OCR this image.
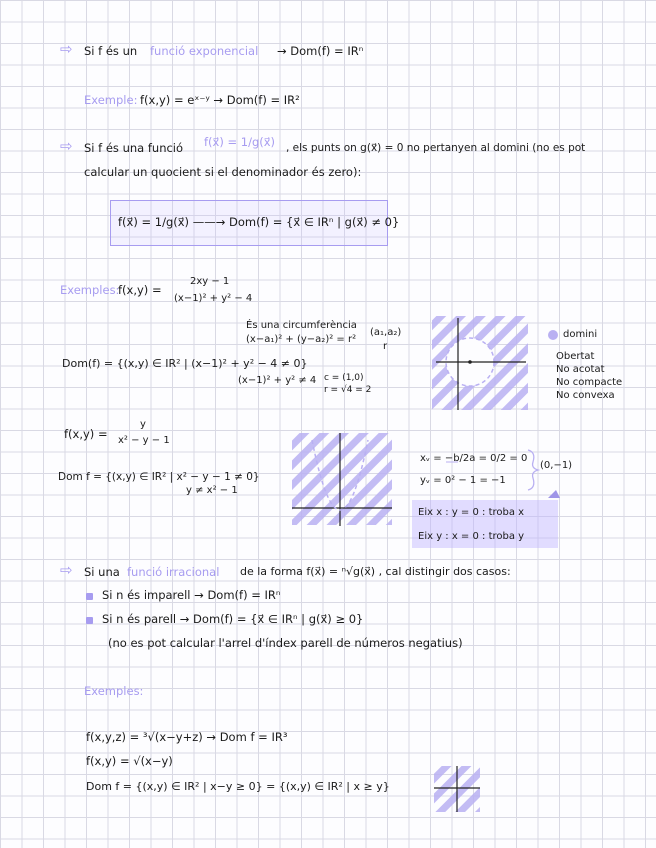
⇨ Si f és un funció exponencial → Dom(f) = IRⁿ
Exemple: f(x,y) = eˣ⁻ʸ → Dom(f) = IR²
⇨ Si f és una funció f(x⃗) = 1/g(x⃗) , els punts on g(x⃗) = 0 no pertanyen al domini (no es pot
calcular un quocient si el denominador és zero):
f(x⃗) = 1/g(x⃗) ——→ Dom(f) = {x⃗ ∈ IRⁿ | g(x⃗) ≠ 0}
Exemples:
f(x,y) =
2xy − 1
(x−1)² + y² − 4
És una circumferència
(x−a₁)² + (y−a₂)² = r²
(a₁,a₂)
r
Dom(f) = {(x,y) ∈ IR² | (x−1)² + y² − 4 ≠ 0}
(x−1)² + y² ≠ 4 c = (1,0)
r = √4 = 2
domini
Obertat
No acotat
No compacte
No convexa
f(x,y) =
y
x² − y − 1
Dom f = {(x,y) ∈ IR² | x² − y − 1 ≠ 0}
y ≠ x² − 1
xᵥ = −b/2a = 0/2 = 0
yᵥ = 0² − 1 = −1
(0,−1)
Eix x : y = 0 : troba x
Eix y : x = 0 : troba y
⇨ Si una funció irracional de la forma f(x⃗) = ⁿ√g(x⃗) , cal distingir dos casos:
Si n és imparell → Dom(f) = IRⁿ
Si n és parell → Dom(f) = {x⃗ ∈ IRⁿ | g(x⃗) ≥ 0}
(no es pot calcular l'arrel d'índex parell de números negatius)
Exemples:
f(x,y,z) = ³√(x−y+z) → Dom f = IR³
f(x,y) = √(x−y)
Dom f = {(x,y) ∈ IR² | x−y ≥ 0} = {(x,y) ∈ IR² | x ≥ y}
